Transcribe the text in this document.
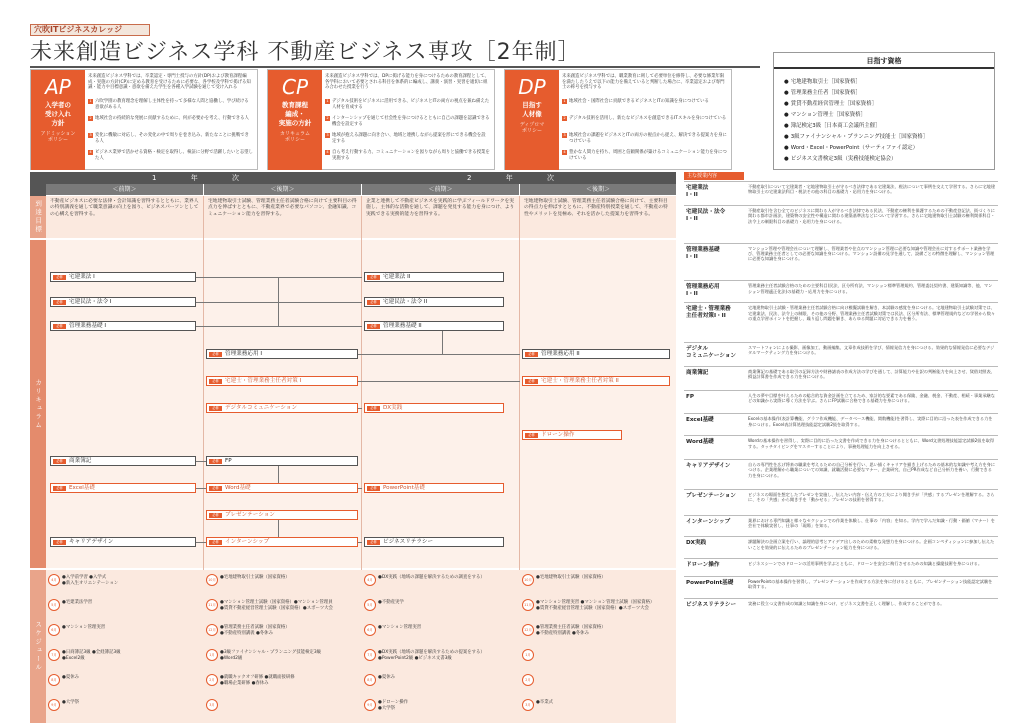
穴吹ITビジネスカレッジ
未来創造ビジネス学科 不動産ビジネス専攻［2年制］
AP
入学者の
受け入れ
方針
アドミッション
ポリシー
未来創造ビジネス学科では、卒業認定・専門士授与の方針(DP)および教育課程編成・実施の方針(CP)に定める教育を受けるために必要な、各学校及学科で掲げる知識・能力や目標意識・意欲を備えた学生を各種入学試験を通じて受け入れる
1 六吹学園の教育理念を理解し主体性を持って多様な人間と協働し、学び続ける意欲がある人
2 地域社会の持続的な発展に貢献するために、何が必要かを考え、行動できる人
3 変化に機敏に対応し、その変化の中で周りを巻き込み、新たなことに挑戦できる人
4 ビジネス業界で活かせる資格・検定を取得し、検証に分野で活躍したいと志望した人
CP
教育課程
編成・
実施の方針
カリキュラム
ポリシー
未来創造ビジネス学科では、DPに掲げる能力を身につけるための教育課程として、各学科において必要とされる科目を体系的に編成し、講義・演習・実習を適切に組み合わせた授業を行う
1 デジタル技術をビジネスに活用できる、ビジネスとITの両方の視点を兼ね備えた人材を育成する
2 インターンシップを通じて社会性を身につけるとともに自己の課題を認識できる機会を設定する
3 地域が抱える課題に向き合い、地域と連携しながら提案を形にできる機会を設定する
4 自ら考え行動する力、コミュニケーションを図りながら周りと協働できる授業を実施する
DP
目指す
人材像
ディプロマ
ポリシー
未来創造ビジネス学科では、職業教育に則して必要単位を修得し、必要な修業年限を満たしたうえで以下の能力を備えていると判断した場合に、卒業認定および専門士の称号を授与する
1 地域社会・国際社会に貢献できるビジネスとITの知識を身につけている
2 デジタル技術を活用し、新たなビジネスを創造できるITスキルを身につけている
3 地域社会の課題をビジネスとITの両方の視点から捉え、解決できる提案力を身につけている
4 豊かな人間力を持ち、周囲と信頼関係が築けるコミュニケーション能力を身につけている
目指す資格
● 宅地建物取引士［国家資格］
● 管理業務主任者［国家資格］
● 賃貸不動産経営管理士［国家資格］
● マンション管理士［国家資格］
● 簿記検定3級［日本商工会議所主催］
● 3級ファイナンシャル・プランニング技能士［国家資格］
● Word・Excel・PowerPoint（サーティファイ認定）
● ビジネス文書検定3級（実務技能検定協会）
1 年 次	2 年 次
＜前期＞	＜後期＞	＜前期＞	＜後期＞
到達目標
カリキュラム
スケジュール
不動産ビジネスに必要な法律・会計知識を習得するとともに、業界人の特別講義を通して職業意識の向上を図り、ビジネスパーソンとしての心構えを習得する。
宅地建物取引士試験、管理業務主任者試験合格に向けて主要科目の得点力を伸ばすとともに、不動産業界で必要なパソコン、金融知識、コミュニケーション能力を習得する。
企業と連携して不動産ビジネスを実践的に学ぶフィールドワークを実施し、主体的な活動を通して、課題を発見する能力を身につけ、より実践できる実務的能力を習得する。
宅地建物取引士試験、管理業務主任者試験合格に向けて、主要科目の得点力を伸ばすとともに、不動産特別授業を通して、不動産の特性やメリットを見極め、それを活かした提案力を習得する。
必修	宅建業法 I
必修	宅建民法・法令 I
必修	管理業務基礎 I
必修	宅建業法 II
必修	宅建民法・法令 II
必修	管理業務基礎 II
必修	管理業務応用 I	必修	管理業務応用 II
必修	宅建士・管理業務主任者対策 I	必修	宅建士・管理業務主任者対策 II
必修	デジタルコミュニケーション	必修	DX実践
必修	ドローン操作
必修	商業簿記	必修	FP
必修	Excel基礎	必修	Word基礎	必修	PowerPoint基礎
必修	プレゼンテーション
必修	キャリアデザイン	必修	インターンシップ	必修	ビジネスリテラシー
4月	●入学前学習 ●入学式
●新入生オリエンテーション
5月	●宅建業法学習
6月	●マンション管理実習
7月	●日商簿記3級 ●全経簿記3級
●Excel2級
8月	●夏休み
9月	●大学祭
10月 ●宅地建物取引士試験（国家資格）
11月 ●マンション管理士試験（国家資格）●マンション管理員
●賃貸不動産経営管理士試験（国家資格）●スポーツ大会
12月 ●管理業務主任者試験（国家資格）
●不動産特別講義 ●冬休み
1月	●3級ファイナンシャル・プランニング技能検定3級
●Word2級
2月	●就職キックオフ研修 ●就職面接研修
●職場企業研修 ●春休み
3月
4月	●DX実践（地域の課題を解決するための調査をする）
5月	●不動産実学
6月	●マンション管理実習
7月	●DX実践（地域の課題を解決するための提案をする）
●PowerPoint2級 ●ビジネス文書3級
8月	●夏休み
9月	●ドローン操作
●大学祭
10月 ●宅地建物取引士試験（国家資格）
11月 ●マンション管理実習 ●マンション管理士試験（国家資格）
●賃貸不動産経営管理士試験（国家資格）●スポーツ大会
12月 ●管理業務主任者試験（国家資格）
●不動産特別講義 ●冬休み
1月
2月
3月	●卒業式
主な授業内容
宅建業法
I・II
不動産取引について宅建業者・宅地建物取引士が守るべき法律である宅建業法、税法について事例を交えて学習する。さらに宅地建物取引士の宅建業法科目・税法その他の科目の基礎力・応用力を身につける。
宅建民法・法令
I・II
不動産取引を含む全てのビジネスに関わる人が守るべき法律である民法、不動産の権利を保護するための不動産登記法、街づくりに関わる都市計画法、建築物の安全性や構造に関わる建築基準法などについて学習する。さらに宅地建物取引士試験の権利関係科目・法令上の制限科目の基礎力・応用力を身につける。
管理業務基礎
I・II
マンション管理や管理会社について理解し、管理業者や住点のマンション管理に必要な知識や管理会社に対するサポート業務を学び、管理業務主任者としての必要な知識を身につける。マンション設備の見学を通して、設備ごとの特徴を理解し、マンション管理に必要な知識を身につける。
管理業務応用
I・II
管理業務主任者試験合格のための主要科目(民法、区分所有法、マンション標準管理規約、管理委託契約書、建築知識等、他、マンション管理適正化法)の基礎力・応用力を身につける。
宅建士・管理業務
主任者対策I・II
宅地建物取引士試験・管理業務主任者試験合格に向け模擬試験を解き、本試験の感覚を身につける。宅地建物取引士試験対策では、宅建業法、民法、法令上の制限、その他の分野、管理業務主任者試験対策では民法、区分所有法、標準管理規約などの学習から数々の重点学習ポイントを把握し、繰り返し問題を解き、あらゆる問題に対応できる力を養う。
デジタル
コミュニケーション
スマートフォンによる撮影、画像加工、動画編集、文章作成技術を学び、情報発信力を身につける。効果的な情報発信に必要なデジタルマーケティング力を身につける。
商業簿記	商業簿記の基礎である取引の記録方法や財務諸表の作成方法の学びを通して、計算能力や仕訳の判断能力を向上させ、貸借対照表、損益計算書を作成できる力を身につける。
FP	人生の夢や目標を叶えるための総合的な資金計画を立てるため、家計的な要素である保険、金融、税金、不動産、相続・事業承継などの知識から実際に導く方法を学ぶ。さらにFP試験に合格できる基礎力を身につける。
Excel基礎	Excelの基本操作(表計算機能、グラフ作成機能、データベース機能、関数機能)を習得し、実際に目的に沿った表を作成できる力を身につける。Excel表計算処理技能認定試験2級を取得する。
Word基礎	Wordの基本操作を習得し、実際に目的に沿った文書を作成できる力を身につけるとともに、Word文書処理技能認定試験2級を取得する。タッチタイピングをマスターすることにより、事務処理能力を向上させる。
キャリアデザイン	自らの専門性を広げ将来の職業を考えるための自己分析を行い、思い描くキャリアを描き上げるための基本的な知識や考え方を身につける。企業理解から職業についての知識、就職活動に必要なマナー、企業研究、自己PR作成など自己分析力を養い、行動できる力を身につける。
プレゼンテーション	ビジネスの場面を想定したプレゼンを実施し、伝えたい内容・伝え方の工夫により聞き手が「共感」するプレゼンを理解する。さらに、その「共感」から聞き手を「動かせる」プレゼンの技術を習得する。
インターンシップ	業界における専門知識と様々なセクションでの作業を体験し、仕事の「内容」を知る。学内で学んだ知識・行動・価値（マナー）を会社で体験実習し、仕事の「現場」を知る。
DX実践	課題解決の企画立案を行い、論理的思考とアイデア出しのための柔軟な発想力を身につける。企画コンペティションに参加し伝えたいことを効果的に伝えるためのプレゼンテーション能力を身につける。
ドローン操作	ビジネスシーンでのドローンの活用事例を学ぶとともに、ドローンを安全に飛行させるための知識と操縦技術を身につける。
PowerPoint基礎	PowerPointの基本操作を習得し、プレゼンテーションを作成する方法を身に付けるとともに、プレゼンテーション技能認定試験を取得する。
ビジネスリテラシー	実務に役立つ文書作成の知識と知識を身につけ、ビジネス文書を正しく理解し、作成することができる。
